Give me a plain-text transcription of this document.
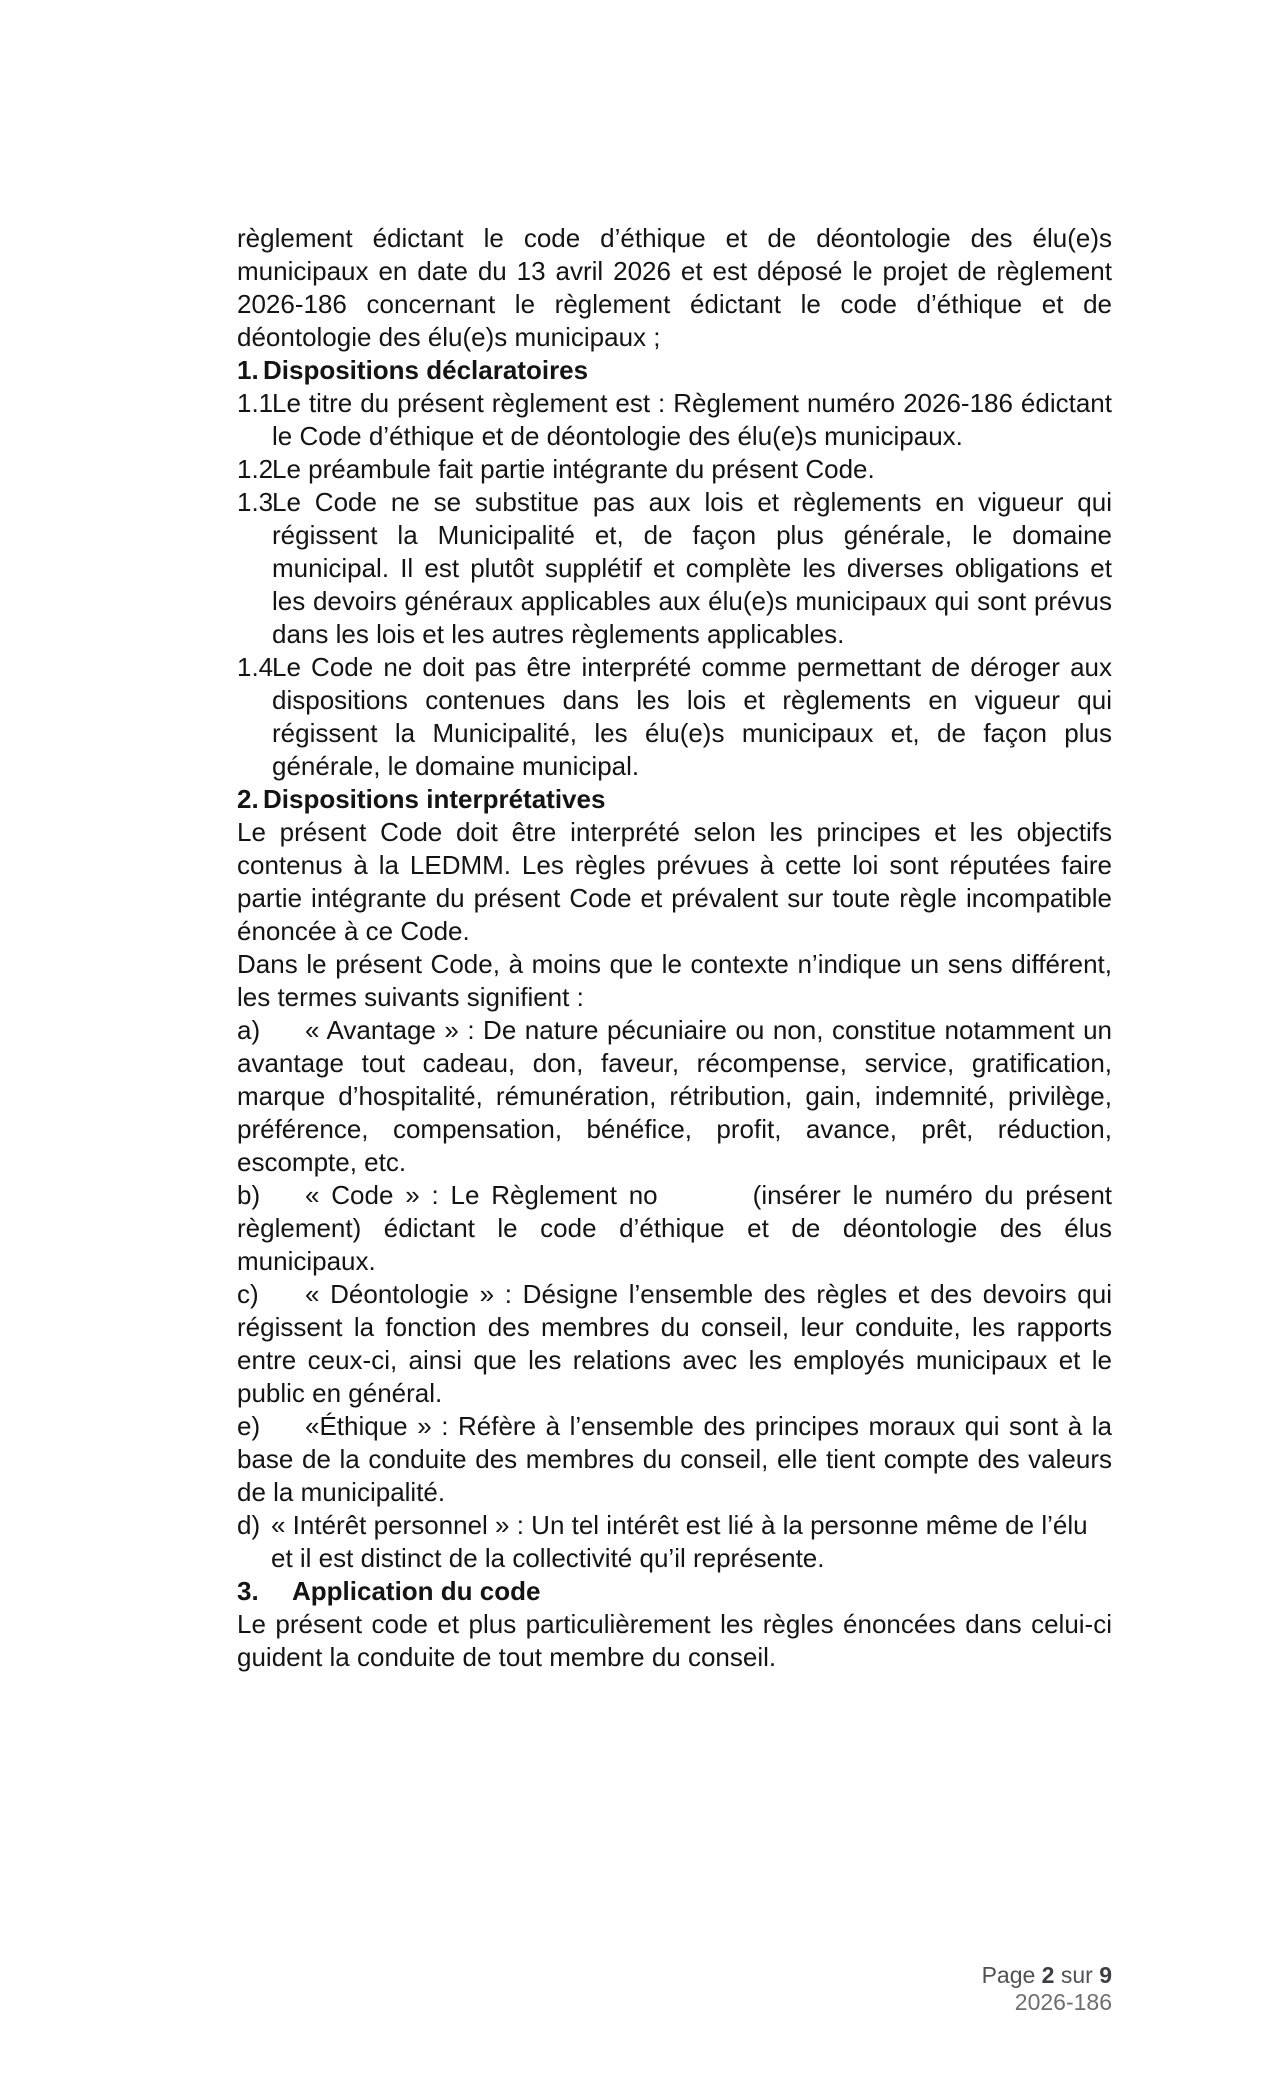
règlement édictant le code d’éthique et de déontologie des élu(e)s municipaux en date du 13 avril 2026 et est déposé le projet de règlement 2026-186 concernant le règlement édictant le code d’éthique et de déontologie des élu(e)s municipaux ;

1. Dispositions déclaratoires
1.1
Le titre du présent règlement est : Règlement numéro 2026-186 édictant le Code d’éthique et de déontologie des élu(e)s municipaux.
1.2
Le préambule fait partie intégrante du présent Code.
1.3
Le Code ne se substitue pas aux lois et règlements en vigueur qui régissent la Municipalité et, de façon plus générale, le domaine municipal. Il est plutôt supplétif et complète les diverses obligations et les devoirs généraux applicables aux élu(e)s municipaux qui sont prévus dans les lois et les autres règlements applicables.
1.4
Le Code ne doit pas être interprété comme permettant de déroger aux dispositions contenues dans les lois et règlements en vigueur qui régissent la Municipalité, les élu(e)s municipaux et, de façon plus générale, le domaine municipal.
2. Dispositions interprétatives

Le présent Code doit être interprété selon les principes et les objectifs contenus à la LEDMM. Les règles prévues à cette loi sont réputées faire partie intégrante du présent Code et prévalent sur toute règle incompatible énoncée à ce Code.

Dans le présent Code, à moins que le contexte n’indique un sens différent, les termes suivants signifient :

a) « Avantage » : De nature pécuniaire ou non, constitue notamment un avantage tout cadeau, don, faveur, récompense, service, gratification, marque d’hospitalité, rémunération, rétribution, gain, indemnité, privilège, préférence, compensation, bénéfice, profit, avance, prêt, réduction, escompte, etc.

b) « Code » : Le Règlement no	(insérer le numéro du présent règlement) édictant le code d’éthique et de déontologie des élus municipaux.

c) « Déontologie » : Désigne l’ensemble des règles et des devoirs qui régissent la fonction des membres du conseil, leur conduite, les rapports entre ceux-ci, ainsi que les relations avec les employés municipaux et le public en général.

e) «Éthique » : Réfère à l’ensemble des principes moraux qui sont à la base de la conduite des membres du conseil, elle tient compte des valeurs de la municipalité.

d) « Intérêt personnel » : Un tel intérêt est lié à la personne même de l’élu et il est distinct de la collectivité qu’il représente.
3. Application du code

Le présent code et plus particulièrement les règles énoncées dans celui-ci guident la conduite de tout membre du conseil.

Page 2 sur 9
2026-186
